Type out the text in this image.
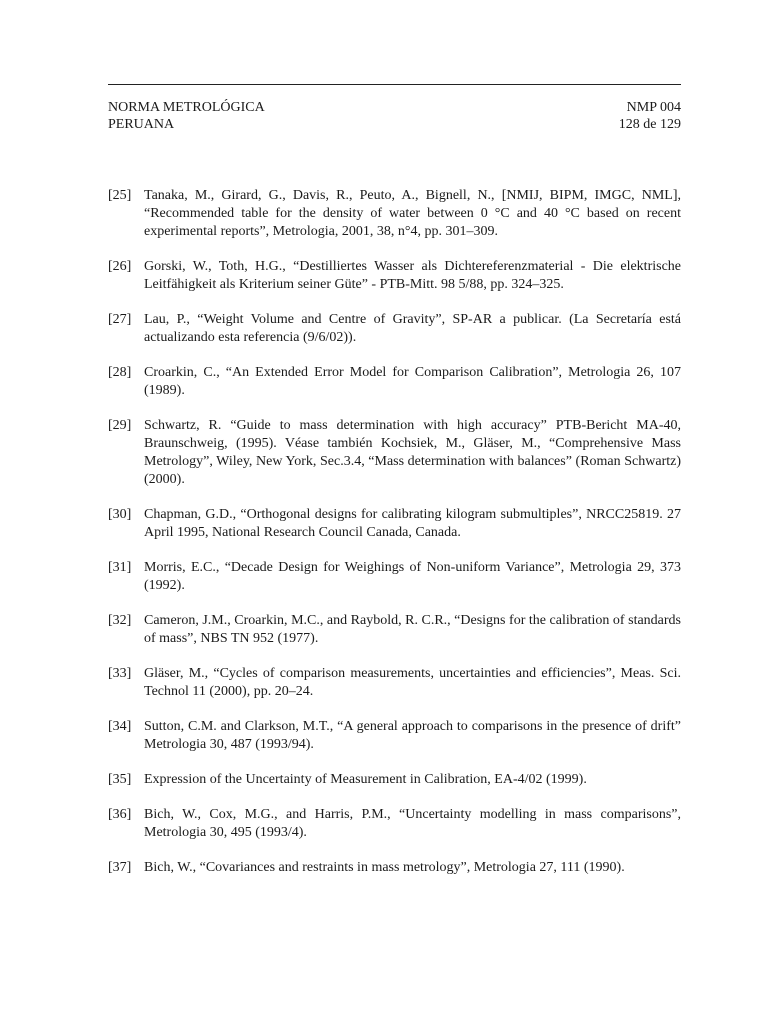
NORMA METROLÓGICA
PERUANA
NMP 004
128 de 129
[25] Tanaka, M., Girard, G., Davis, R., Peuto, A., Bignell, N., [NMIJ, BIPM, IMGC, NML], “Recommended table for the density of water between 0 °C and 40 °C based on recent experimental reports”, Metrologia, 2001, 38, n°4, pp. 301–309.
[26] Gorski, W., Toth, H.G., “Destilliertes Wasser als Dichtereferenzmaterial - Die elektrische Leitfähigkeit als Kriterium seiner Güte” - PTB-Mitt. 98 5/88, pp. 324–325.
[27] Lau, P., “Weight Volume and Centre of Gravity”, SP-AR a publicar. (La Secretaría está actualizando esta referencia (9/6/02)).
[28] Croarkin, C., “An Extended Error Model for Comparison Calibration”, Metrologia 26, 107 (1989).
[29] Schwartz, R. “Guide to mass determination with high accuracy” PTB-Bericht MA-40, Braunschweig, (1995). Véase también Kochsiek, M., Gläser, M., “Comprehensive Mass Metrology”, Wiley, New York, Sec.3.4, “Mass determination with balances” (Roman Schwartz) (2000).
[30] Chapman, G.D., “Orthogonal designs for calibrating kilogram submultiples”, NRCC25819. 27 April 1995, National Research Council Canada, Canada.
[31] Morris, E.C., “Decade Design for Weighings of Non-uniform Variance”, Metrologia 29, 373 (1992).
[32] Cameron, J.M., Croarkin, M.C., and Raybold, R. C.R., “Designs for the calibration of standards of mass”, NBS TN 952 (1977).
[33] Gläser, M., “Cycles of comparison measurements, uncertainties and efficiencies”, Meas. Sci. Technol 11 (2000), pp. 20–24.
[34] Sutton, C.M. and Clarkson, M.T., “A general approach to comparisons in the presence of drift” Metrologia 30, 487 (1993/94).
[35] Expression of the Uncertainty of Measurement in Calibration, EA-4/02 (1999).
[36] Bich, W., Cox, M.G., and Harris, P.M., “Uncertainty modelling in mass comparisons”, Metrologia 30, 495 (1993/4).
[37] Bich, W., “Covariances and restraints in mass metrology”, Metrologia 27, 111 (1990).
